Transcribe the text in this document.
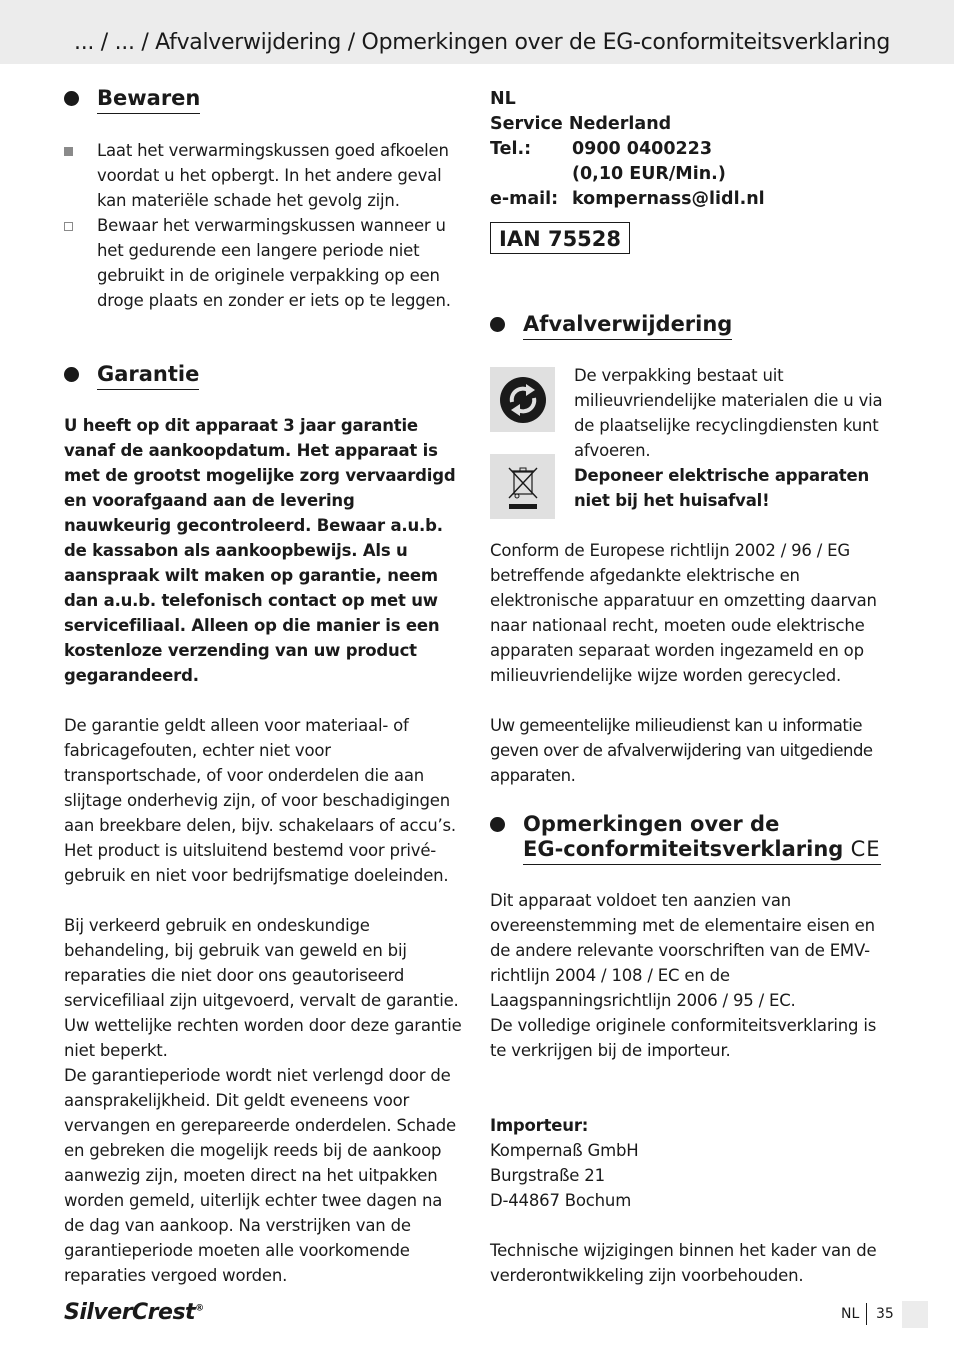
... / ... / Afvalverwijdering / Opmerkingen over de EG-conformiteitsverklaring
Bewaren
Laat het verwarmingskussen goed afkoelen voordat u het opbergt. In het andere geval kan materiële schade het gevolg zijn.
Bewaar het verwarmingskussen wanneer u het gedurende een langere periode niet gebruikt in de originele verpakking op een droge plaats en zonder er iets op te leggen.
Garantie
U heeft op dit apparaat 3 jaar garantie vanaf de aankoopdatum. Het apparaat is met de grootst mogelijke zorg vervaardigd en voorafgaand aan de levering nauwkeurig gecontroleerd. Bewaar a.u.b. de kassabon als aankoopbewijs. Als u aanspraak wilt maken op garantie, neem dan a.u.b. telefonisch contact op met uw servicefiliaal. Alleen op die manier is een kostenloze verzending van uw product gegarandeerd.
De garantie geldt alleen voor materiaal- of fabricagefouten, echter niet voor transportschade, of voor onderdelen die aan slijtage onderhevig zijn, of voor beschadigingen aan breekbare delen, bijv. schakelaars of accu’s. Het product is uitsluitend bestemd voor privé-gebruik en niet voor bedrijfsmatige doeleinden.
Bij verkeerd gebruik en ondeskundige behandeling, bij gebruik van geweld en bij reparaties die niet door ons geautoriseerd servicefiliaal zijn uitgevoerd, vervalt de garantie. Uw wettelijke rechten worden door deze garantie niet beperkt.
De garantieperiode wordt niet verlengd door de aansprakelijkheid. Dit geldt eveneens voor vervangen en gerepareerde onderdelen. Schade en gebreken die mogelijk reeds bij de aankoop aanwezig zijn, moeten direct na het uitpakken worden gemeld, uiterlijk echter twee dagen na de dag van aankoop. Na verstrijken van de garantieperiode moeten alle voorkomende reparaties vergoed worden.
NL
Service Nederland
Tel.:	0900 0400223
(0,10 EUR/Min.)
e-mail: kompernass@lidl.nl
IAN 75528
Afvalverwijdering
De verpakking bestaat uit milieuvriendelijke materialen die u via de plaatselijke recyclingdiensten kunt afvoeren.
Deponeer elektrische apparaten niet bij het huisafval!
Conform de Europese richtlijn 2002 / 96 / EG betreffende afgedankte elektrische en elektronische apparatuur en omzetting daarvan naar nationaal recht, moeten oude elektrische apparaten separaat worden ingezameld en op milieuvriendelijke wijze worden gerecycled.
Uw gemeentelijke milieudienst kan u informatie geven over de afvalverwijdering van uitgediende apparaten.
Opmerkingen over de
EG-conformiteitsverklaring CE
Dit apparaat voldoet ten aanzien van overeenstemming met de elementaire eisen en de andere relevante voorschriften van de EMV-richtlijn 2004 / 108 / EC en de Laagspanningsrichtlijn 2006 / 95 / EC.
De volledige originele conformiteitsverklaring is te verkrijgen bij de importeur.
Importeur:
Kompernaß GmbH
Burgstraße 21
D-44867 Bochum
Technische wijzigingen binnen het kader van de verderontwikkeling zijn voorbehouden.
SilverCrest®	NL 35
